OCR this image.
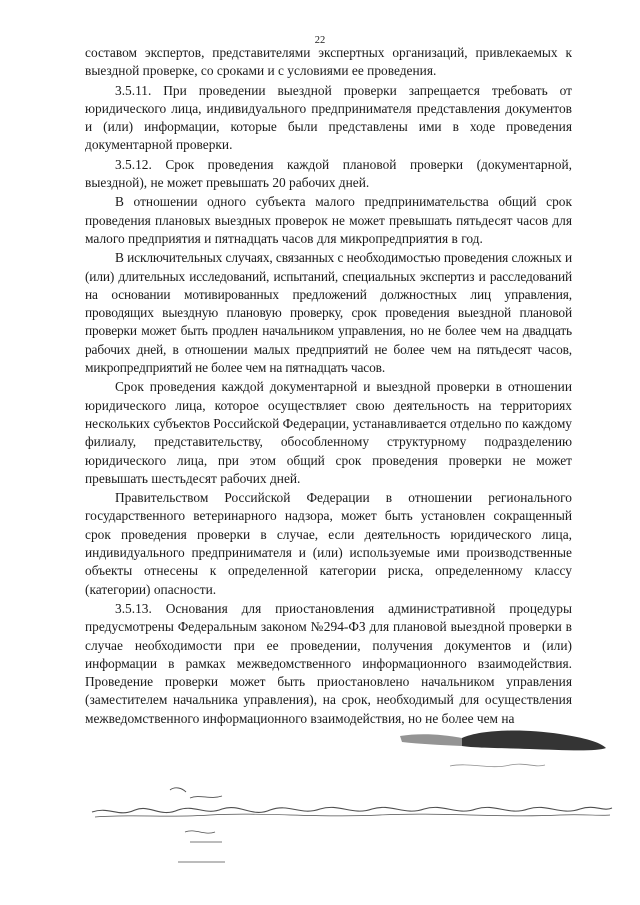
22

составом экспертов, представителями экспертных организаций, привлекаемых к выездной проверке, со сроками и с условиями ее проведения.

3.5.11. При проведении выездной проверки запрещается требовать от юридического лица, индивидуального предпринимателя представления документов и (или) информации, которые были представлены ими в ходе проведения документарной проверки.

3.5.12. Срок проведения каждой плановой проверки (документарной, выездной), не может превышать 20 рабочих дней.

В отношении одного субъекта малого предпринимательства общий срок проведения плановых выездных проверок не может превышать пятьдесят часов для малого предприятия и пятнадцать часов для микропредприятия в год.

В исключительных случаях, связанных с необходимостью проведения сложных и (или) длительных исследований, испытаний, специальных экспертиз и расследований на основании мотивированных предложений должностных лиц управления, проводящих выездную плановую проверку, срок проведения выездной плановой проверки может быть продлен начальником управления, но не более чем на двадцать рабочих дней, в отношении малых предприятий не более чем на пятьдесят часов, микропредприятий не более чем на пятнадцать часов.

Срок проведения каждой документарной и выездной проверки в отношении юридического лица, которое осуществляет свою деятельность на территориях нескольких субъектов Российской Федерации, устанавливается отдельно по каждому филиалу, представительству, обособленному структурному подразделению юридического лица, при этом общий срок проведения проверки не может превышать шестьдесят рабочих дней.

Правительством Российской Федерации в отношении регионального государственного ветеринарного надзора, может быть установлен сокращенный срок проведения проверки в случае, если деятельность юридического лица, индивидуального предпринимателя и (или) используемые ими производственные объекты отнесены к определенной категории риска, определенному классу (категории) опасности.

3.5.13. Основания для приостановления административной процедуры предусмотрены Федеральным законом №294-ФЗ для плановой выездной проверки в случае необходимости при ее проведении, получения документов и (или) информации в рамках межведомственного информационного взаимодействия. Проведение проверки может быть приостановлено начальником управления (заместителем начальника управления), на срок, необходимый для осуществления межведомственного информационного взаимодействия, но не более чем на
